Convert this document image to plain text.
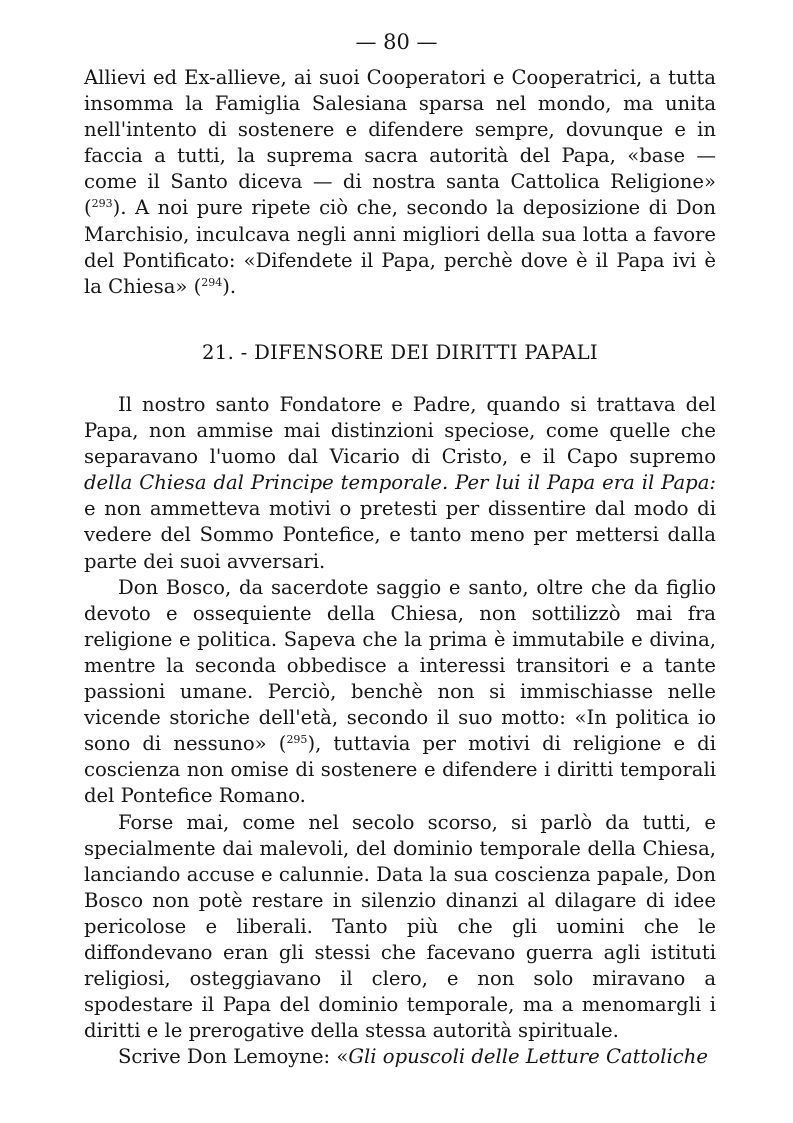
— 80 —

Allievi ed Ex-allieve, ai suoi Cooperatori e Cooperatrici, a tutta insomma la Famiglia Salesiana sparsa nel mondo, ma unita nell'intento di sostenere e difendere sempre, dovunque e in faccia a tutti, la suprema sacra autorità del Papa, «base — come il Santo diceva — di nostra santa Cattolica Religione» ($^{293}$). A noi pure ripete ciò che, secondo la deposizione di Don Marchisio, inculcava negli anni migliori della sua lotta a favore del Pontificato: «Difendete il Papa, perchè dove è il Papa ivi è la Chiesa» ($^{294}$).

21. - DIFENSORE DEI DIRITTI PAPALI

Il nostro santo Fondatore e Padre, quando si trattava del Papa, non ammise mai distinzioni speciose, come quelle che separavano l'uomo dal Vicario di Cristo, e il Capo supremo della Chiesa dal Principe temporale. Per lui il Papa era il Papa: e non ammetteva motivi o pretesti per dissentire dal modo di vedere del Sommo Pontefice, e tanto meno per mettersi dalla parte dei suoi avversari.

Don Bosco, da sacerdote saggio e santo, oltre che da figlio devoto e ossequiente della Chiesa, non sottilizzò mai fra religione e politica. Sapeva che la prima è immutabile e divina, mentre la seconda obbedisce a interessi transitori e a tante passioni umane. Perciò, benchè non si immischiasse nelle vicende storiche dell'età, secondo il suo motto: «In politica io sono di nessuno» ($^{295}$), tuttavia per motivi di religione e di coscienza non omise di sostenere e difendere i diritti temporali del Pontefice Romano.

Forse mai, come nel secolo scorso, si parlò da tutti, e specialmente dai malevoli, del dominio temporale della Chiesa, lanciando accuse e calunnie. Data la sua coscienza papale, Don Bosco non potè restare in silenzio dinanzi al dilagare di idee pericolose e liberali. Tanto più che gli uomini che le diffondevano eran gli stessi che facevano guerra agli istituti religiosi, osteggiavano il clero, e non solo miravano a spodestare il Papa del dominio temporale, ma a menomargli i diritti e le prerogative della stessa autorità spirituale.

Scrive Don Lemoyne: «Gli opuscoli delle Letture Cattoliche
